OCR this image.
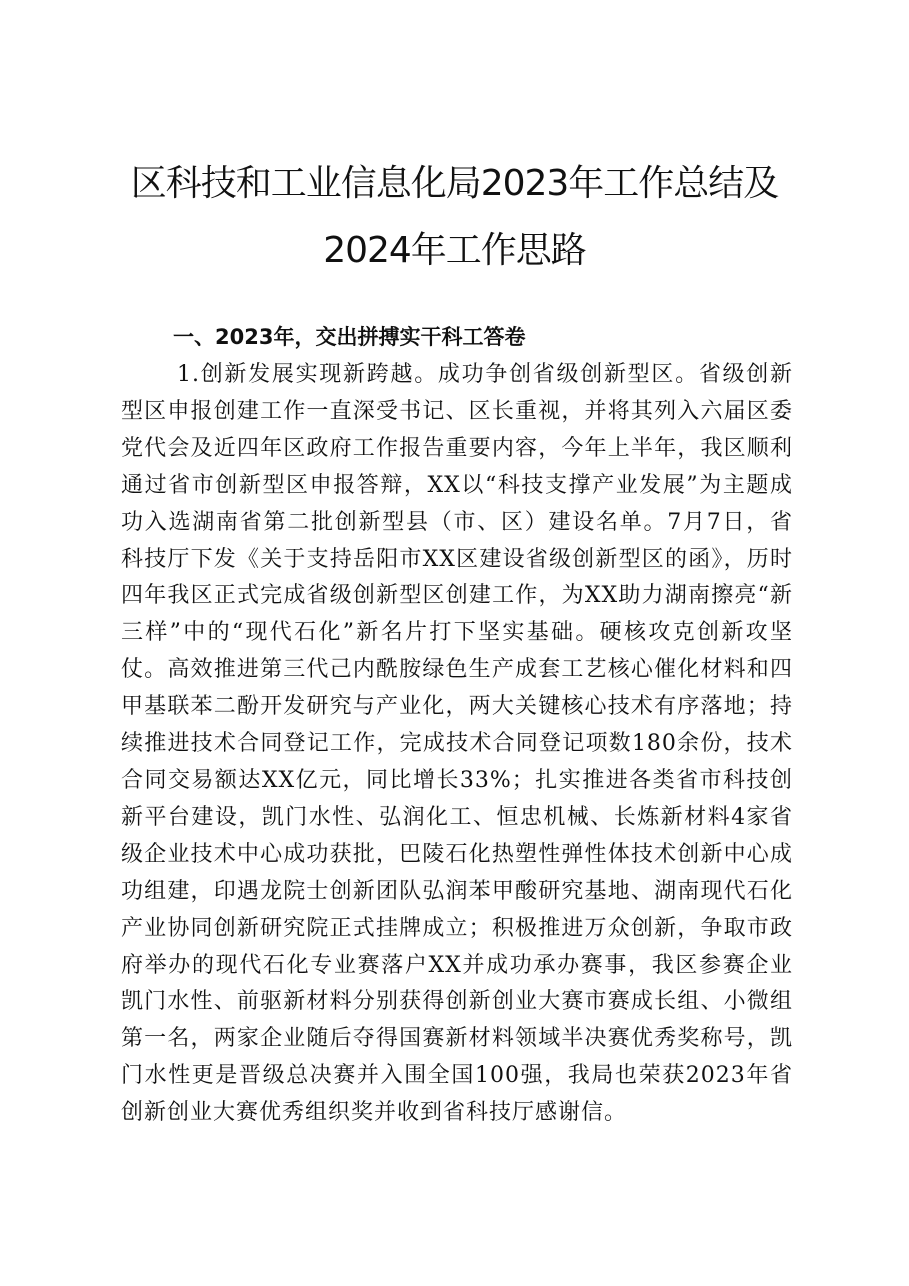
区科技和工业信息化局2023年工作总结及
2024年工作思路
一、2023年，交出拼搏实干科工答卷

1.创新发展实现新跨越。成功争创省级创新型区。省级创新型区申报创建工作一直深受书记、区长重视，并将其列入六届区委党代会及近四年区政府工作报告重要内容，今年上半年，我区顺利通过省市创新型区申报答辩，XX以“科技支撑产业发展”为主题成功入选湖南省第二批创新型县（市、区）建设名单。7月7日，省科技厅下发《关于支持岳阳市XX区建设省级创新型区的函》，历时四年我区正式完成省级创新型区创建工作，为XX助力湖南擦亮“新三样”中的“现代石化”新名片打下坚实基础。硬核攻克创新攻坚仗。高效推进第三代己内酰胺绿色生产成套工艺核心催化材料和四甲基联苯二酚开发研究与产业化，两大关键核心技术有序落地；持续推进技术合同登记工作，完成技术合同登记项数180余份，技术合同交易额达XX亿元，同比增长33%；扎实推进各类省市科技创新平台建设，凯门水性、弘润化工、恒忠机械、长炼新材料4家省级企业技术中心成功获批，巴陵石化热塑性弹性体技术创新中心成功组建，印遇龙院士创新团队弘润苯甲酸研究基地、湖南现代石化产业协同创新研究院正式挂牌成立；积极推进万众创新，争取市政府举办的现代石化专业赛落户XX并成功承办赛事，我区参赛企业凯门水性、前驱新材料分别获得创新创业大赛市赛成长组、小微组第一名，两家企业随后夺得国赛新材料领域半决赛优秀奖称号，凯门水性更是晋级总决赛并入围全国100强，我局也荣获2023年省创新创业大赛优秀组织奖并收到省科技厅感谢信。
